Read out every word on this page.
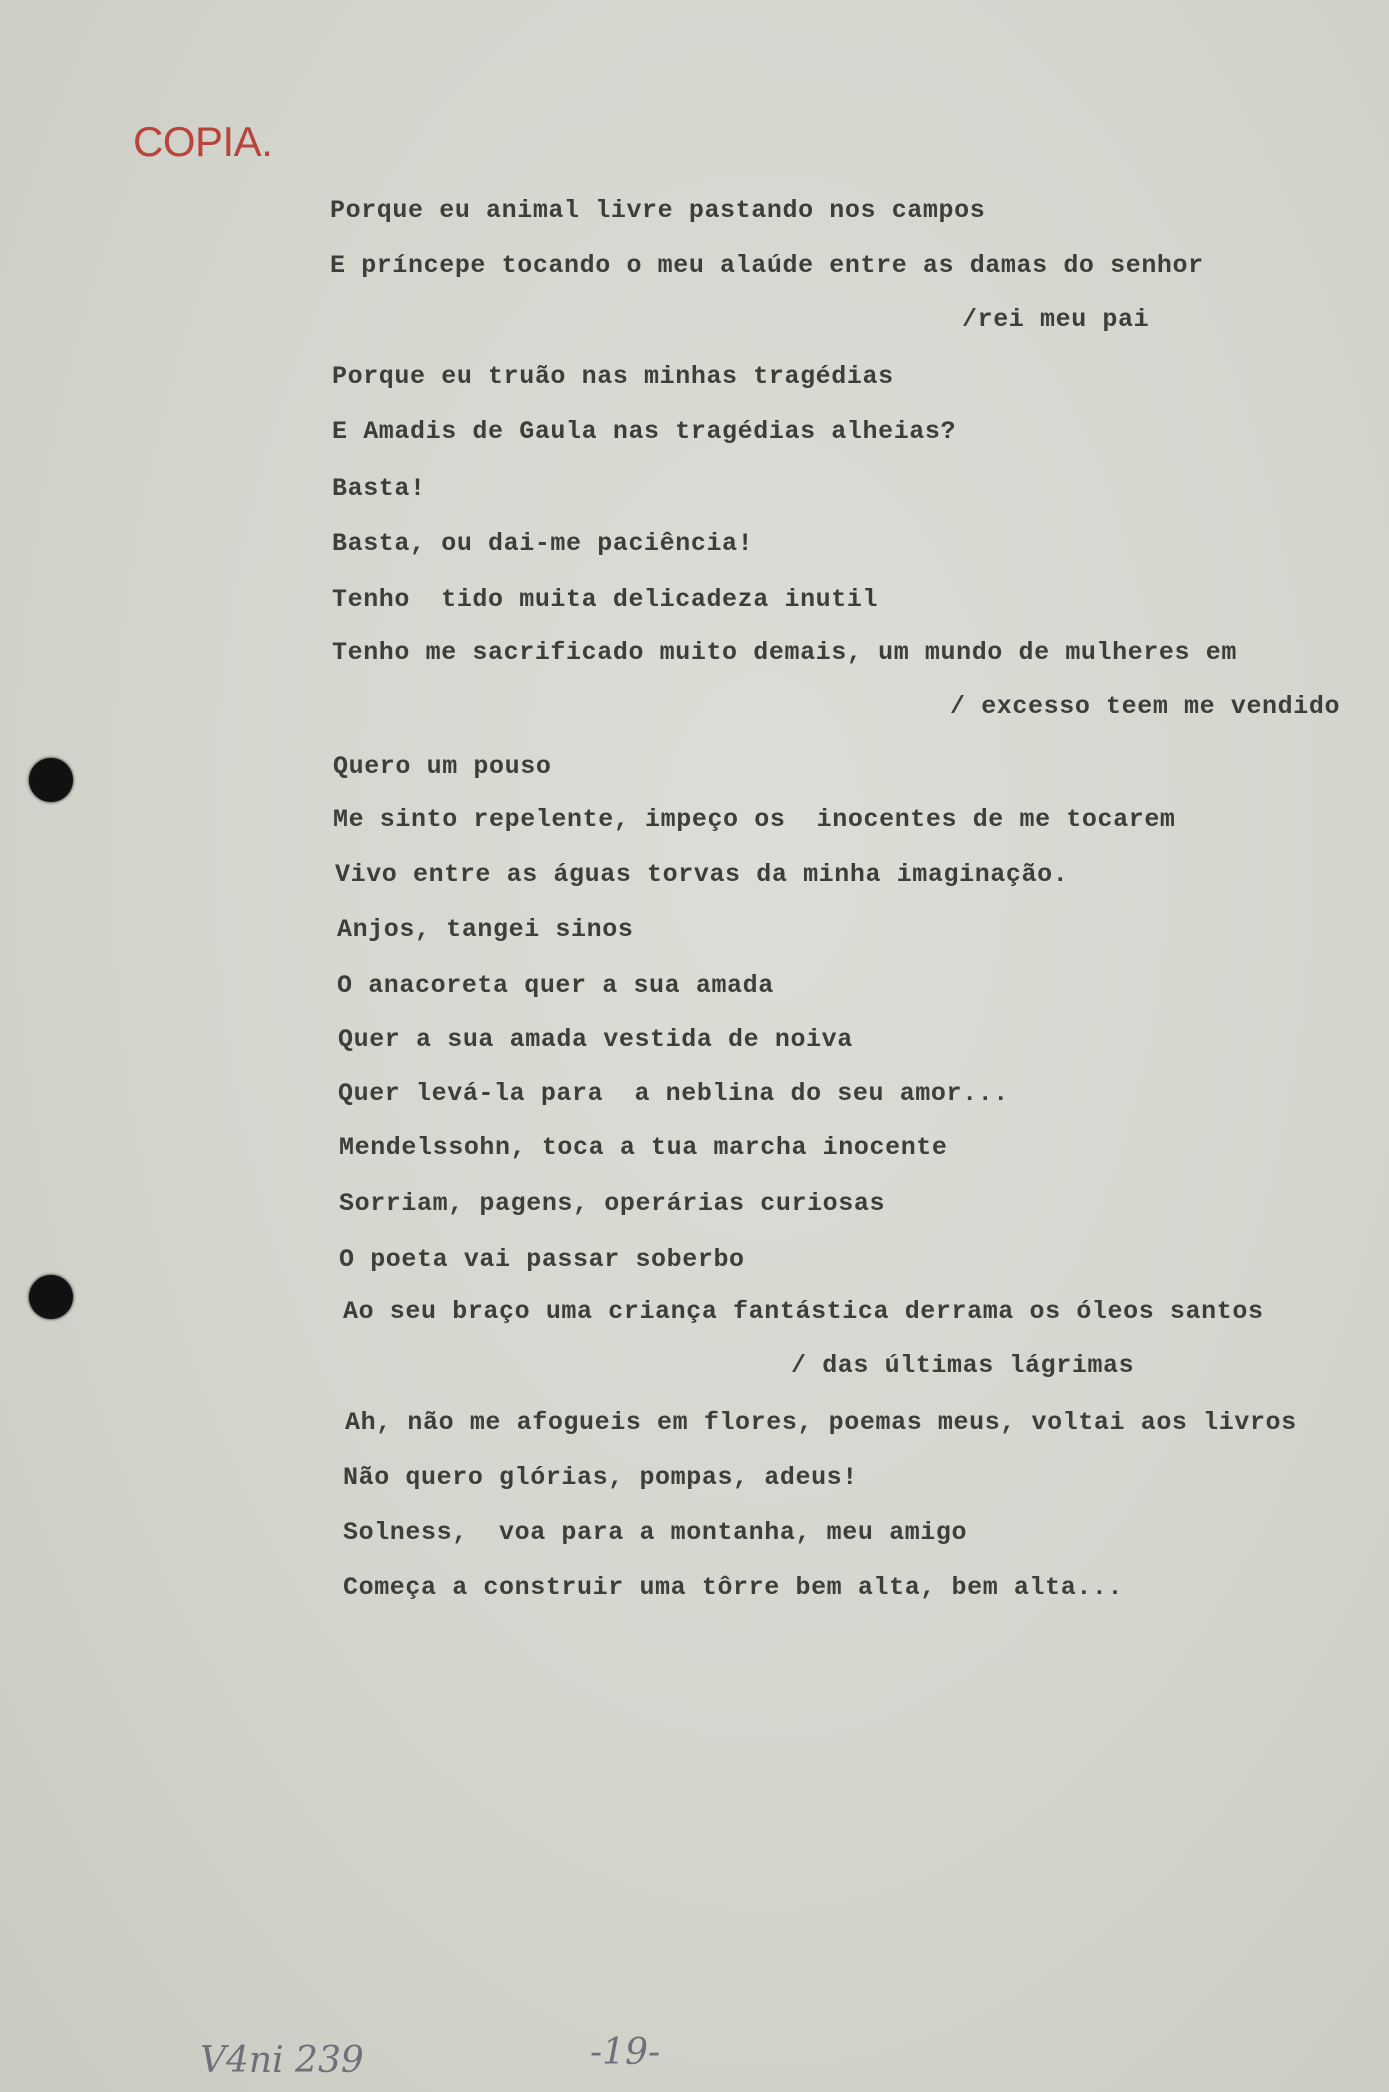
COPIA.
Porque eu animal livre pastando nos campos
E príncepe tocando o meu alaúde entre as damas do senhor
/rei meu pai
Porque eu truão nas minhas tragédias
E Amadis de Gaula nas tragédias alheias?
Basta!
Basta, ou dai-me paciência!
Tenho  tido muita delicadeza inutil
Tenho me sacrificado muito demais, um mundo de mulheres em
/ excesso teem me vendido
Quero um pouso
Me sinto repelente, impeço os  inocentes de me tocarem
Vivo entre as águas torvas da minha imaginação.
Anjos, tangei sinos
O anacoreta quer a sua amada
Quer a sua amada vestida de noiva
Quer levá-la para  a neblina do seu amor...
Mendelssohn, toca a tua marcha inocente
Sorriam, pagens, operárias curiosas
O poeta vai passar soberbo
Ao seu braço uma criança fantástica derrama os óleos santos
/ das últimas lágrimas
Ah, não me afogueis em flores, poemas meus, voltai aos livros
Não quero glórias, pompas, adeus!
Solness,  voa para a montanha, meu amigo
Começa a construir uma tôrre bem alta, bem alta...
V4ni 239	-19-
